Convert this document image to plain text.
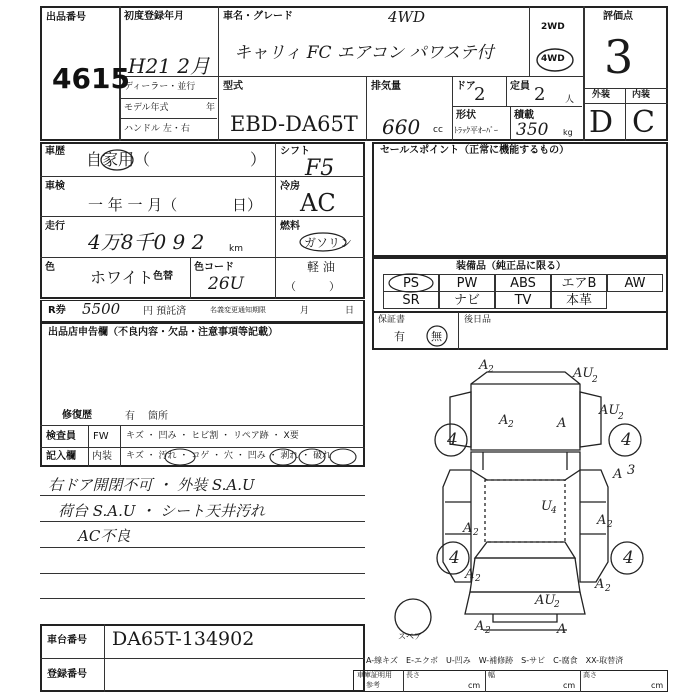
出品番号
4615
初度登録年月
H21 2月
ディーラー・並行
モデル年式	年
ハンドル 左・右
車名・グレード	4WD
キャリィ FC エアコン パワステ付
2WD
4WD
評価点
3
外装 内装
D C
型式
EBD-DA65T
排気量
660 cc
ドア
2 定員 2 人
形状
ﾄﾗｯｸ平ｵｰﾊﾞｰ
積載
350 kg
車歴 自家用（	） シフト
F5
車検
一 年 一 月（	日）
冷房
AC
走行
4万8千0 9 2	km
燃料
ガソリン
軽 油
（　　　）
色
ホワイト 色替
色コード
26U
R券 5500 円 預託済	名義変更通知期限	月	日
出品店申告欄（不良内容・欠品・注意事項等記載）
修復歴	有 箇所
検査員 FW キズ ・ 凹み ・ ヒビ割 ・ リペア跡 ・ X要
記入欄 内装 キズ ・ 汚れ ・ コゲ ・ 穴 ・ 凹み ・ 剥れ ・ 破れ
右ドア開閉不可 ・ 外装 S.A.U
荷台 S.A.U ・ シート天井汚れ
AC不良
車台番号 DA65T-134902
登録番号
セールスポイント（正常に機能するもの）
装備品（純正品に限る）
保証書
有 無
後日品
A 2	AU
2
AU
2
4	4
3
A
A 2	A
A 2
A 2
U 4
4	4
A 2	A 2
AU
2
A 2	A
スペア
A-線キズ　E-エクボ　U-凹み　W-補修跡　S-サビ　C-腐食　XX-取替済
車庫証明用
参考
長さ
cm
幅
cm
高さ
cm
PS	PW	ABS	エアB	AW
SR	ナビ	TV	本革
